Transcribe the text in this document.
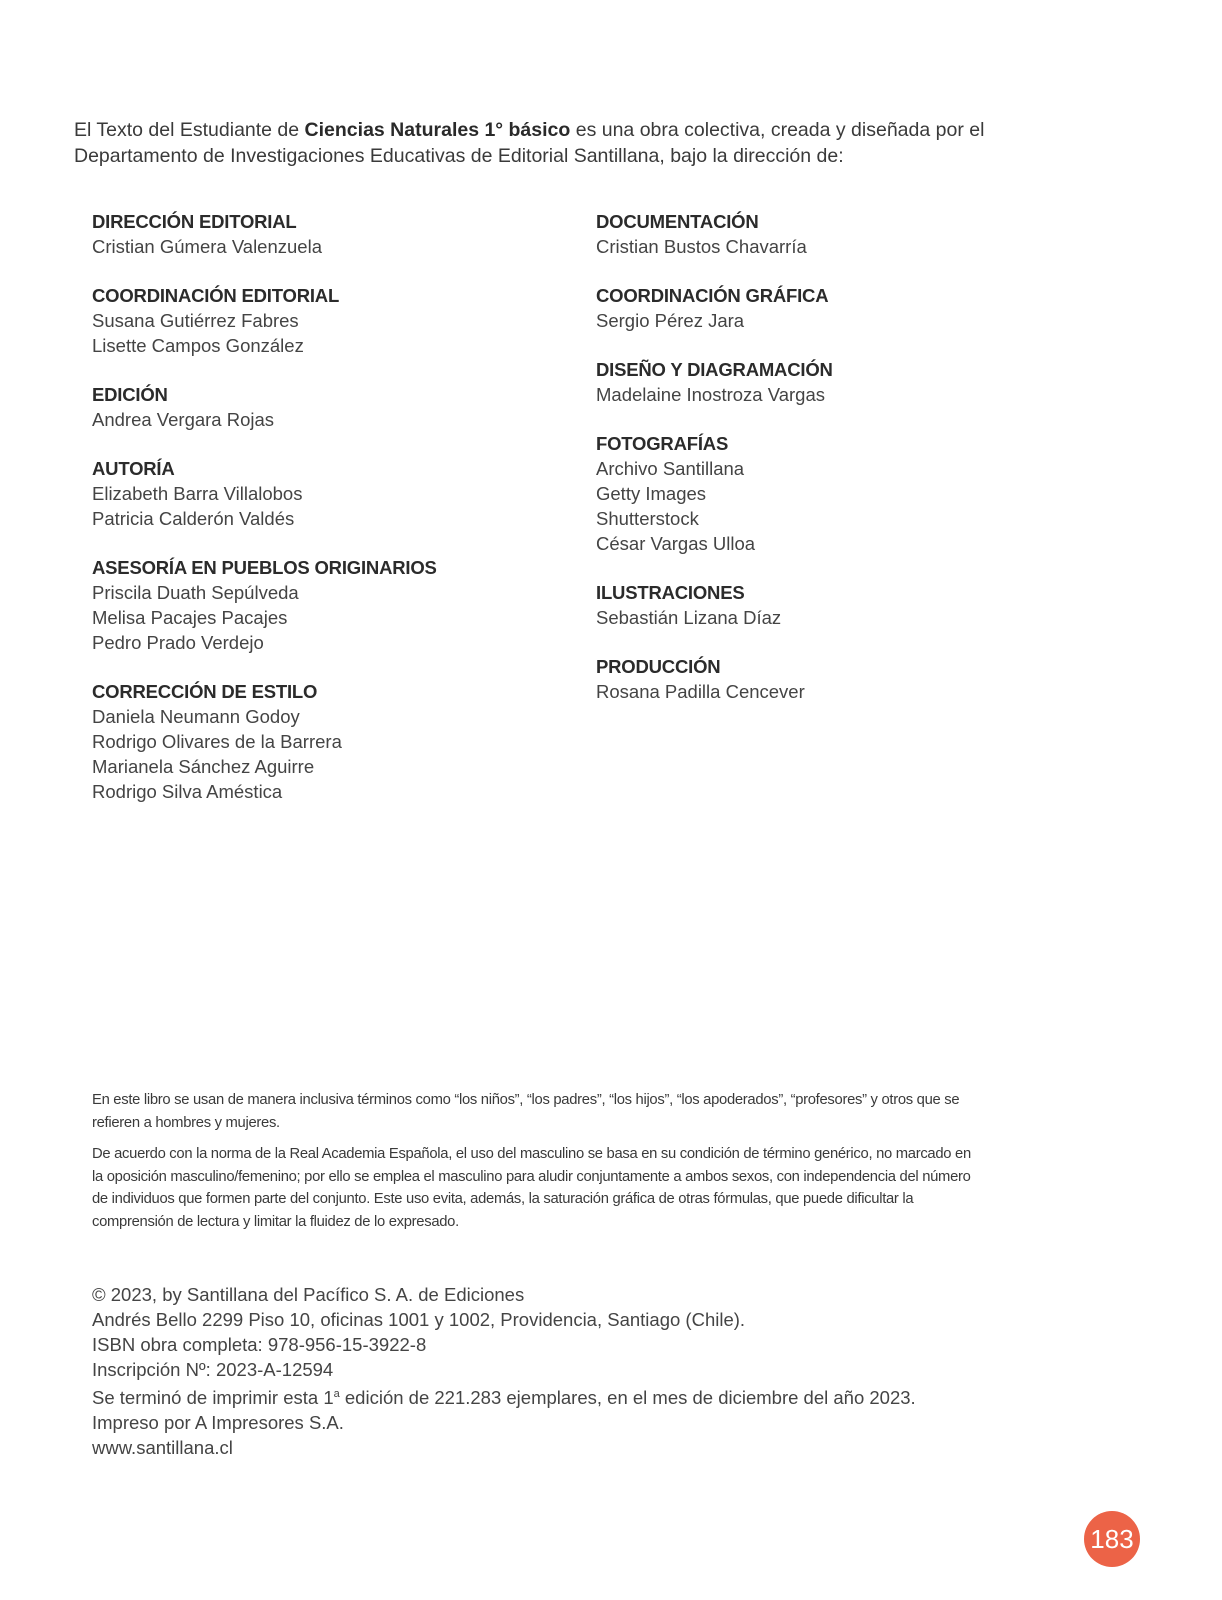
El Texto del Estudiante de Ciencias Naturales 1° básico es una obra colectiva, creada y diseñada por el
Departamento de Investigaciones Educativas de Editorial Santillana, bajo la dirección de:
DIRECCIÓN EDITORIAL
Cristian Gúmera Valenzuela
COORDINACIÓN EDITORIAL
Susana Gutiérrez Fabres
Lisette Campos González
EDICIÓN
Andrea Vergara Rojas
AUTORÍA
Elizabeth Barra Villalobos
Patricia Calderón Valdés
ASESORÍA EN PUEBLOS ORIGINARIOS
Priscila Duath Sepúlveda
Melisa Pacajes Pacajes
Pedro Prado Verdejo
CORRECCIÓN DE ESTILO
Daniela Neumann Godoy
Rodrigo Olivares de la Barrera
Marianela Sánchez Aguirre
Rodrigo Silva Améstica
DOCUMENTACIÓN
Cristian Bustos Chavarría
COORDINACIÓN GRÁFICA
Sergio Pérez Jara
DISEÑO Y DIAGRAMACIÓN
Madelaine Inostroza Vargas
FOTOGRAFÍAS
Archivo Santillana
Getty Images
Shutterstock
César Vargas Ulloa
ILUSTRACIONES
Sebastián Lizana Díaz
PRODUCCIÓN
Rosana Padilla Cencever

En este libro se usan de manera inclusiva términos como “los niños”, “los padres”, “los hijos”, “los apoderados”, “profesores” y otros que se refieren a hombres y mujeres.

De acuerdo con la norma de la Real Academia Española, el uso del masculino se basa en su condición de término genérico, no marcado en la oposición masculino/femenino; por ello se emplea el masculino para aludir conjuntamente a ambos sexos, con independencia del número de individuos que formen parte del conjunto. Este uso evita, además, la saturación gráfica de otras fórmulas, que puede dificultar la comprensión de lectura y limitar la fluidez de lo expresado.

© 2023, by Santillana del Pacífico S. A. de Ediciones
Andrés Bello 2299 Piso 10, oficinas 1001 y 1002, Providencia, Santiago (Chile).
ISBN obra completa: 978-956-15-3922-8
Inscripción Nº: 2023-A-12594
Se terminó de imprimir esta 1$^a$ edición de 221.283 ejemplares, en el mes de diciembre del año 2023.
Impreso por A Impresores S.A.
www.santillana.cl
183
